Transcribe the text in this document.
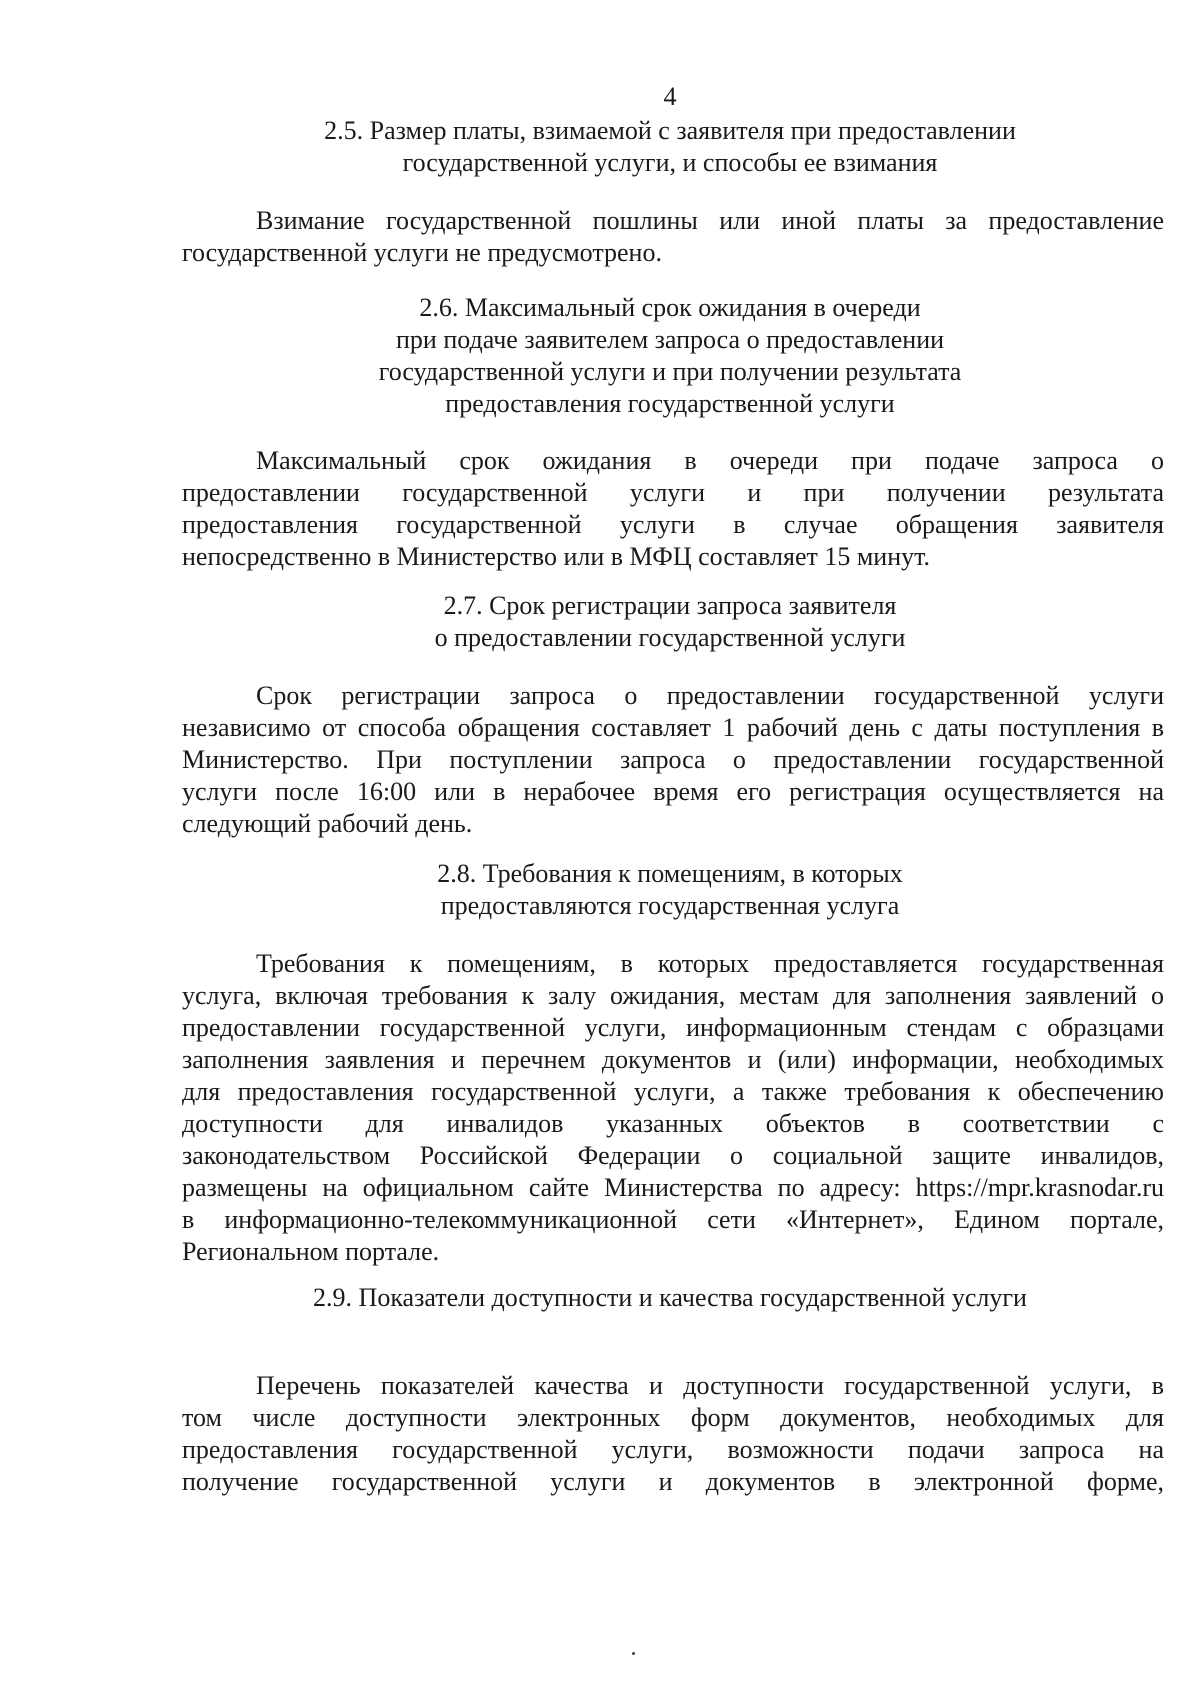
4
2.5. Размер платы, взимаемой с заявителя при предоставлении
государственной услуги, и способы ее взимания
Взимание государственной пошлины или иной платы за предоставление
государственной услуги не предусмотрено.
2.6. Максимальный срок ожидания в очереди
при подаче заявителем запроса о предоставлении
государственной услуги и при получении результата
предоставления государственной услуги
Максимальный срок ожидания в очереди при подаче запроса о
предоставлении государственной услуги и при получении результата
предоставления государственной услуги в случае обращения заявителя
непосредственно в Министерство или в МФЦ составляет 15 минут.
2.7. Срок регистрации запроса заявителя
о предоставлении государственной услуги
Срок регистрации запроса о предоставлении государственной услуги
независимо от способа обращения составляет 1 рабочий день с даты поступления в
Министерство. При поступлении запроса о предоставлении государственной
услуги после 16:00 или в нерабочее время его регистрация осуществляется на
следующий рабочий день.
2.8. Требования к помещениям, в которых
предоставляются государственная услуга
Требования к помещениям, в которых предоставляется государственная
услуга, включая требования к залу ожидания, местам для заполнения заявлений о
предоставлении государственной услуги, информационным стендам с образцами
заполнения заявления и перечнем документов и (или) информации, необходимых
для предоставления государственной услуги, а также требования к обеспечению
доступности для инвалидов указанных объектов в соответствии с
законодательством Российской Федерации о социальной защите инвалидов,
размещены на официальном сайте Министерства по адресу: https://mpr.krasnodar.ru
в информационно-телекоммуникационной сети «Интернет», Едином портале,
Региональном портале.
2.9. Показатели доступности и качества государственной услуги
Перечень показателей качества и доступности государственной услуги, в
том числе доступности электронных форм документов, необходимых для
предоставления государственной услуги, возможности подачи запроса на
получение государственной услуги и документов в электронной форме,
